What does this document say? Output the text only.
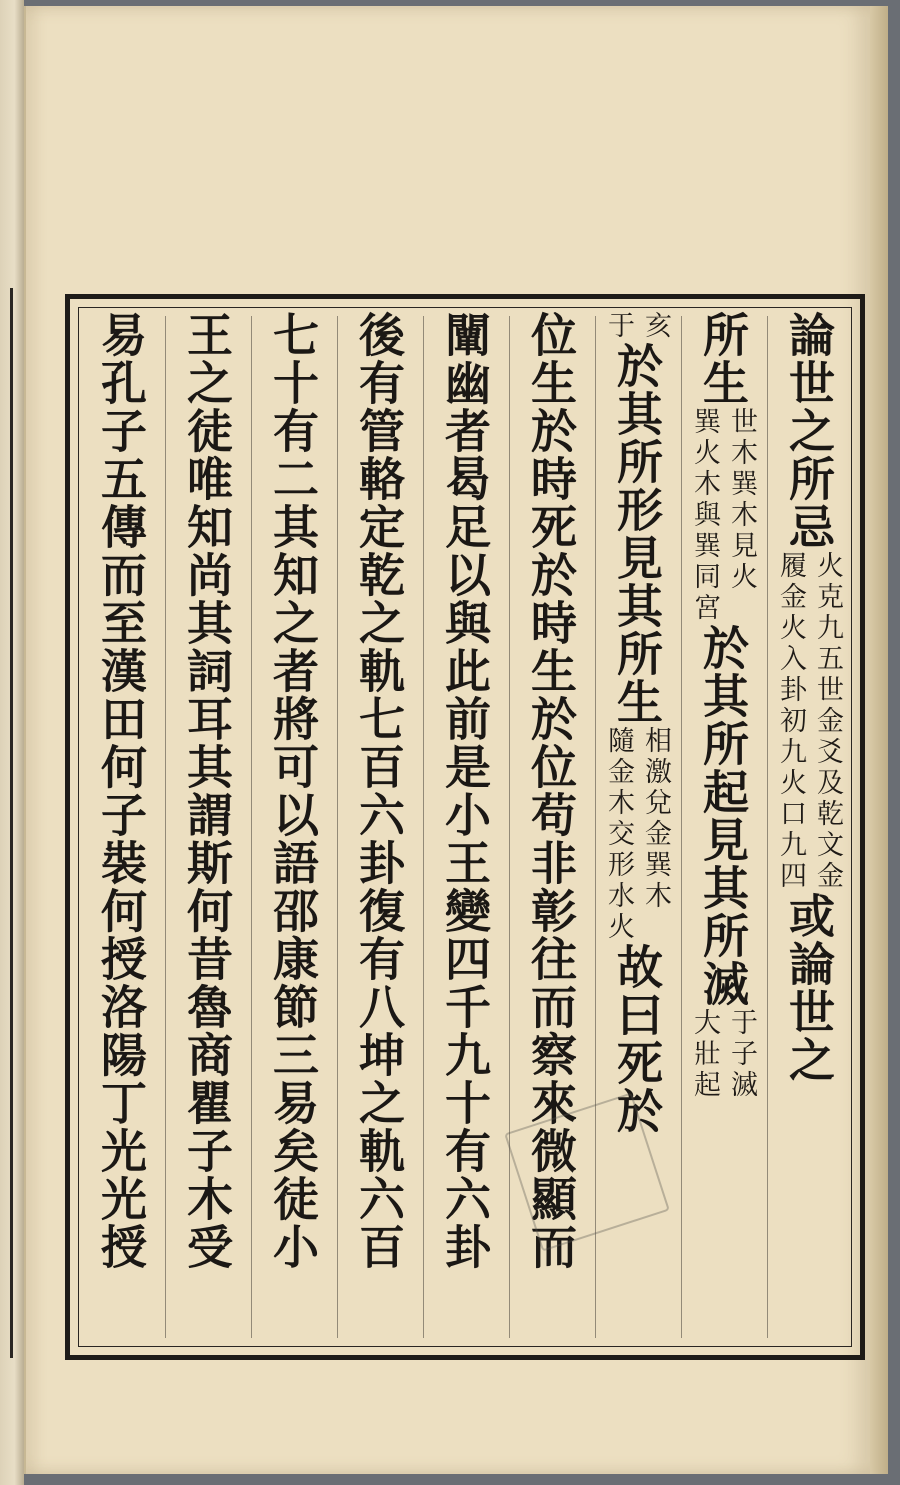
論世之所忌
火克九五世金爻及乾文金
履金火入卦初九火口九四
或論世之
所生
世木巽木見火
巽火木與巽同宮
於其所起見其所滅
于子滅
大壯起
亥
于
於其所形見其所生
相激兌金巽木
隨金木交形水火
故曰死於
位生於時死於時生於位苟非彰往而察來微顯而
闡幽者曷足以與此前是小王變四千九十有六卦
後有管輅定乾之軌七百六卦復有八坤之軌六百
七十有二其知之者將可以語邵康節三易矣徒小
王之徒唯知尚其詞耳其謂斯何昔魯商瞿子木受
易孔子五傳而至漢田何子裝何授洛陽丁光光授
